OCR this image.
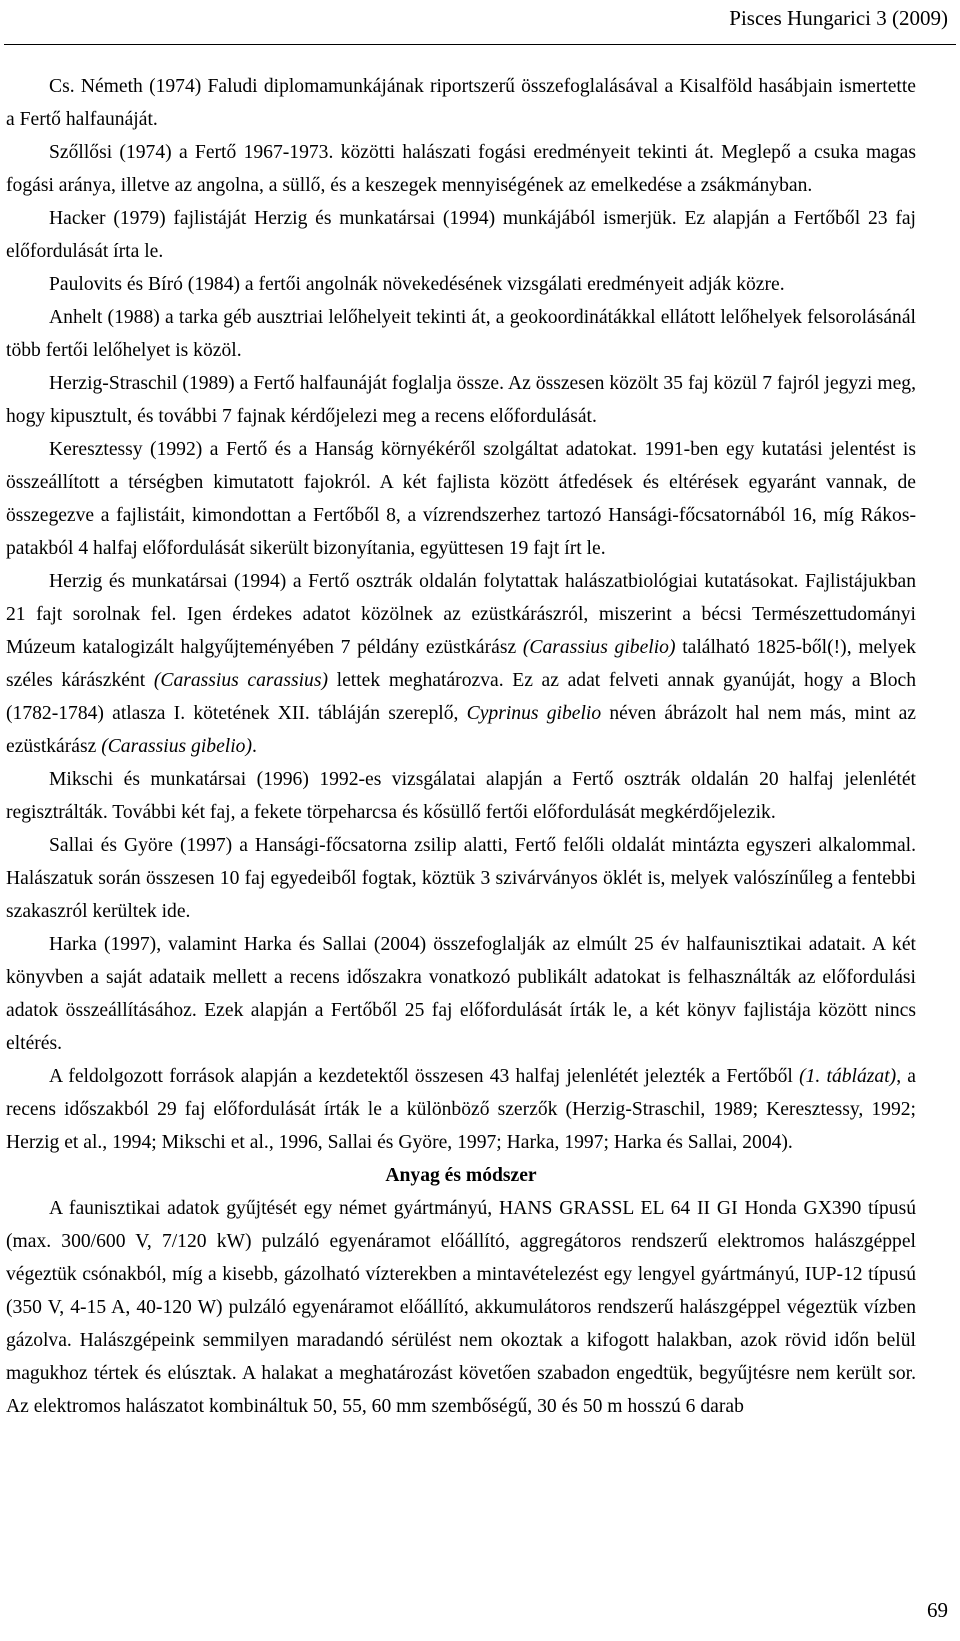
Pisces Hungarici 3 (2009)

Cs. Németh (1974) Faludi diplomamunkájának riportszerű összefoglalásával a Kisalföld hasábjain ismertette a Fertő halfaunáját.

Szőllősi (1974) a Fertő 1967-1973. közötti halászati fogási eredményeit tekinti át. Meglepő a csuka magas fogási aránya, illetve az angolna, a süllő, és a keszegek mennyiségének az emelkedése a zsákmányban.

Hacker (1979) fajlistáját Herzig és munkatársai (1994) munkájából ismerjük. Ez alapján a Fertőből 23 faj előfordulását írta le.

Paulovits és Bíró (1984) a fertői angolnák növekedésének vizsgálati eredményeit adják közre.

Anhelt (1988) a tarka géb ausztriai lelőhelyeit tekinti át, a geokoordinátákkal ellátott lelőhelyek felsorolásánál több fertői lelőhelyet is közöl.

Herzig-Straschil (1989) a Fertő halfaunáját foglalja össze. Az összesen közölt 35 faj közül 7 fajról jegyzi meg, hogy kipusztult, és további 7 fajnak kérdőjelezi meg a recens előfordulását.

Keresztessy (1992) a Fertő és a Hanság környékéről szolgáltat adatokat. 1991-ben egy kutatási jelentést is összeállított a térségben kimutatott fajokról. A két fajlista között átfedések és eltérések egyaránt vannak, de összegezve a fajlistáit, kimondottan a Fertőből 8, a vízrendszerhez tartozó Hansági-főcsatornából 16, míg Rákos-patakból 4 halfaj előfordulását sikerült bizonyítania, együttesen 19 fajt írt le.

Herzig és munkatársai (1994) a Fertő osztrák oldalán folytattak halászatbiológiai kutatásokat. Fajlistájukban 21 fajt sorolnak fel. Igen érdekes adatot közölnek az ezüstkárászról, miszerint a bécsi Természettudományi Múzeum katalogizált halgyűjteményében 7 példány ezüstkárász (Carassius gibelio) található 1825-ből(!), melyek széles kárászként (Carassius carassius) lettek meghatározva. Ez az adat felveti annak gyanúját, hogy a Bloch (1782-1784) atlasza I. kötetének XII. tábláján szereplő, Cyprinus gibelio néven ábrázolt hal nem más, mint az ezüstkárász (Carassius gibelio).

Mikschi és munkatársai (1996) 1992-es vizsgálatai alapján a Fertő osztrák oldalán 20 halfaj jelenlétét regisztrálták. További két faj, a fekete törpeharcsa és kősüllő fertői előfordulását megkérdőjelezik.

Sallai és Györe (1997) a Hansági-főcsatorna zsilip alatti, Fertő felőli oldalát mintázta egyszeri alkalommal. Halászatuk során összesen 10 faj egyedeiből fogtak, köztük 3 szivárványos öklét is, melyek valószínűleg a fentebbi szakaszról kerültek ide.

Harka (1997), valamint Harka és Sallai (2004) összefoglalják az elmúlt 25 év halfaunisztikai adatait. A két könyvben a saját adataik mellett a recens időszakra vonatkozó publikált adatokat is felhasználták az előfordulási adatok összeállításához. Ezek alapján a Fertőből 25 faj előfordulását írták le, a két könyv fajlistája között nincs eltérés.

A feldolgozott források alapján a kezdetektől összesen 43 halfaj jelenlétét jelezték a Fertőből (1. táblázat), a recens időszakból 29 faj előfordulását írták le a különböző szerzők (Herzig-Straschil, 1989; Keresztessy, 1992; Herzig et al., 1994; Mikschi et al., 1996, Sallai és Györe, 1997; Harka, 1997; Harka és Sallai, 2004).

Anyag és módszer

A faunisztikai adatok gyűjtését egy német gyártmányú, HANS GRASSL EL 64 II GI Honda GX390 típusú (max. 300/600 V, 7/120 kW) pulzáló egyenáramot előállító, aggregátoros rendszerű elektromos halászgéppel végeztük csónakból, míg a kisebb, gázolható vízterekben a mintavételezést egy lengyel gyártmányú, IUP-12 típusú (350 V, 4-15 A, 40-120 W) pulzáló egyenáramot előállító, akkumulátoros rendszerű halászgéppel végeztük vízben gázolva. Halászgépeink semmilyen maradandó sérülést nem okoztak a kifogott halakban, azok rövid időn belül magukhoz tértek és elúsztak. A halakat a meghatározást követően szabadon engedtük, begyűjtésre nem került sor. Az elektromos halászatot kombináltuk 50, 55, 60 mm szembőségű, 30 és 50 m hosszú 6 darab

69
